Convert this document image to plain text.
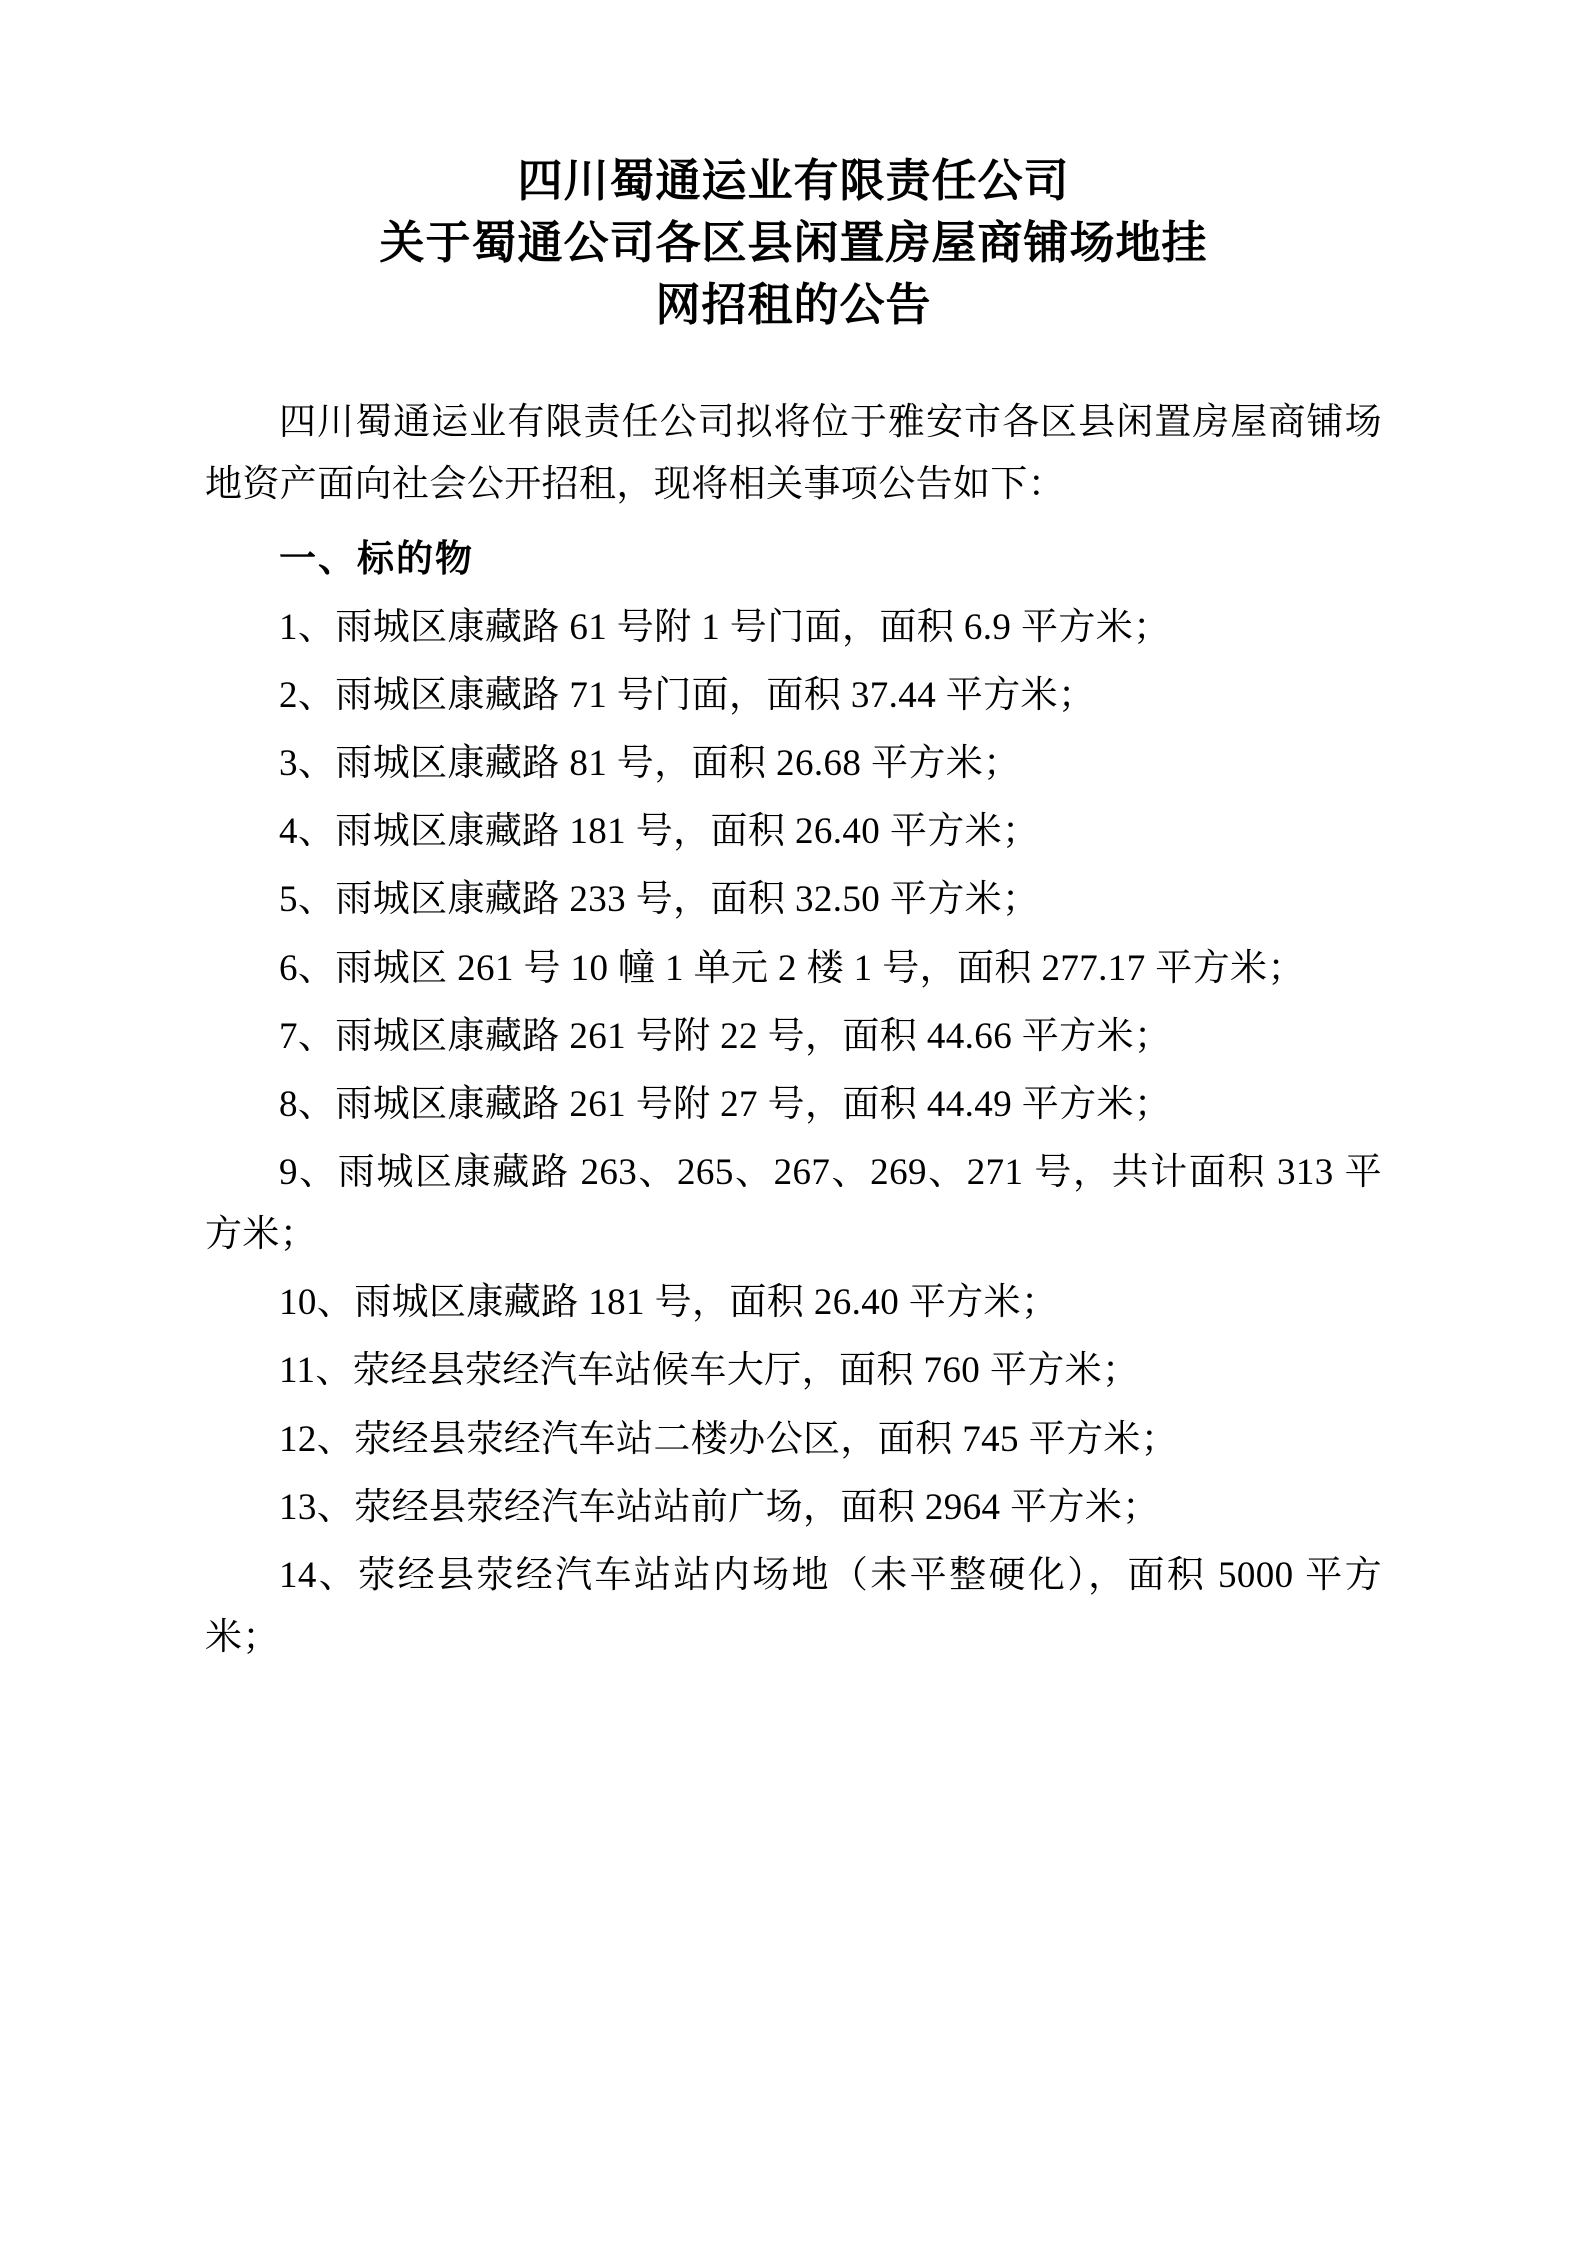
四川蜀通运业有限责任公司
关于蜀通公司各区县闲置房屋商铺场地挂
网招租的公告

四川蜀通运业有限责任公司拟将位于雅安市各区县闲置房屋商铺场地资产面向社会公开招租，现将相关事项公告如下：

一、标的物

1、雨城区康藏路 61 号附 1 号门面，面积 6.9 平方米；

2、雨城区康藏路 71 号门面，面积 37.44 平方米；

3、雨城区康藏路 81 号，面积 26.68 平方米；

4、雨城区康藏路 181 号，面积 26.40 平方米；

5、雨城区康藏路 233 号，面积 32.50 平方米；

6、雨城区 261 号 10 幢 1 单元 2 楼 1 号，面积 277.17 平方米；

7、雨城区康藏路 261 号附 22 号，面积 44.66 平方米；

8、雨城区康藏路 261 号附 27 号，面积 44.49 平方米；

9、雨城区康藏路 263、265、267、269、271 号，共计面积 313 平方米；

10、雨城区康藏路 181 号，面积 26.40 平方米；

11、荥经县荥经汽车站候车大厅，面积 760 平方米；

12、荥经县荥经汽车站二楼办公区，面积 745 平方米；

13、荥经县荥经汽车站站前广场，面积 2964 平方米；

14、荥经县荥经汽车站站内场地（未平整硬化），面积 5000 平方米；
